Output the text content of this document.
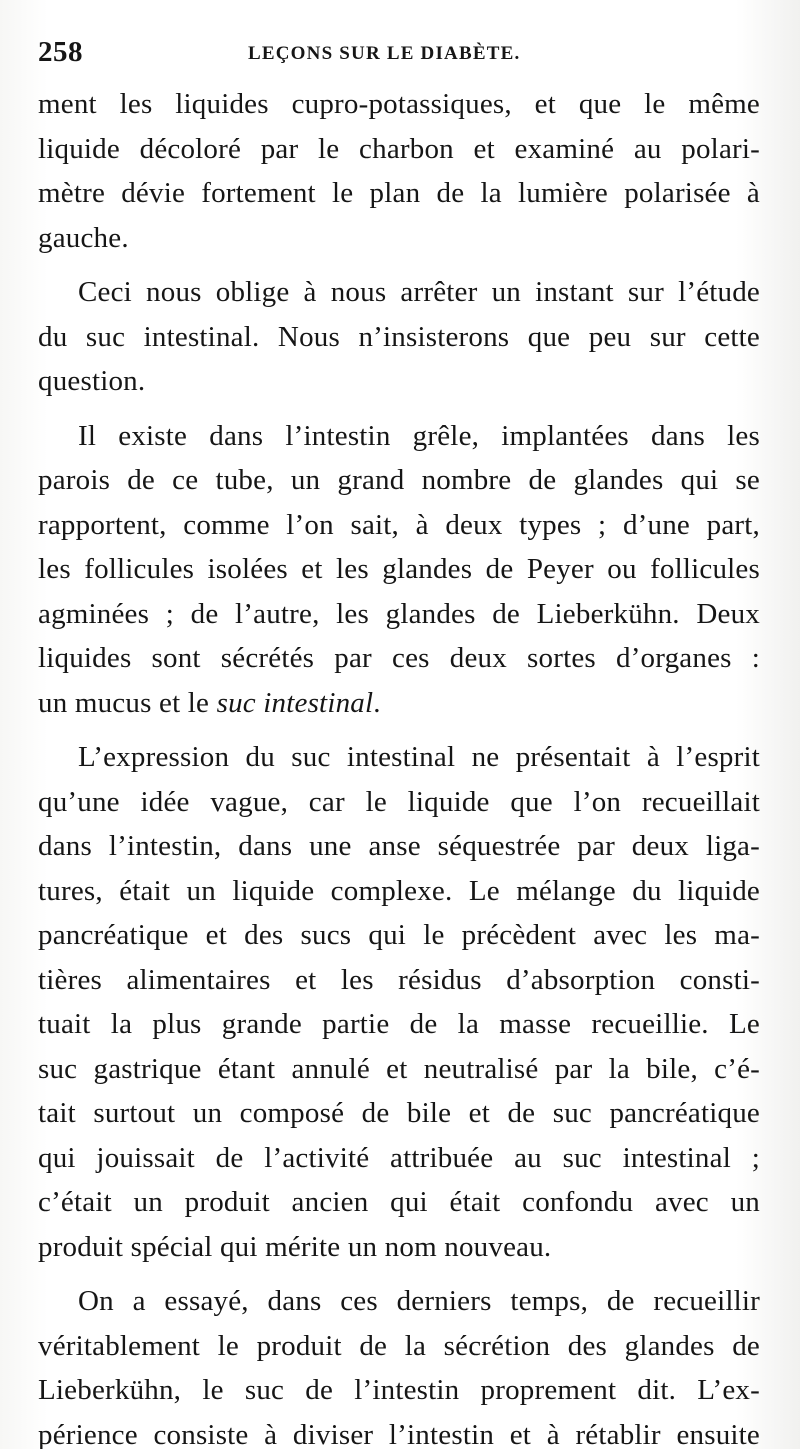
258	LEÇONS SUR LE DIABÈTE.
ment les liquides cupro-potassiques, et que le même
liquide décoloré par le charbon et examiné au polari-
mètre dévie fortement le plan de la lumière polarisée à
gauche.
Ceci nous oblige à nous arrêter un instant sur l’étude
du suc intestinal. Nous n’insisterons que peu sur cette
question.
Il existe dans l’intestin grêle, implantées dans les
parois de ce tube, un grand nombre de glandes qui se
rapportent, comme l’on sait, à deux types ; d’une part,
les follicules isolées et les glandes de Peyer ou follicules
agminées ; de l’autre, les glandes de Lieberkühn. Deux
liquides sont sécrétés par ces deux sortes d’organes :
un mucus et le suc intestinal.
L’expression du suc intestinal ne présentait à l’esprit
qu’une idée vague, car le liquide que l’on recueillait
dans l’intestin, dans une anse séquestrée par deux liga-
tures, était un liquide complexe. Le mélange du liquide
pancréatique et des sucs qui le précèdent avec les ma-
tières alimentaires et les résidus d’absorption consti-
tuait la plus grande partie de la masse recueillie. Le
suc gastrique étant annulé et neutralisé par la bile, c’é-
tait surtout un composé de bile et de suc pancréatique
qui jouissait de l’activité attribuée au suc intestinal ;
c’était un produit ancien qui était confondu avec un
produit spécial qui mérite un nom nouveau.
On a essayé, dans ces derniers temps, de recueillir
véritablement le produit de la sécrétion des glandes de
Lieberkühn, le suc de l’intestin proprement dit. L’ex-
périence consiste à diviser l’intestin et à rétablir ensuite
